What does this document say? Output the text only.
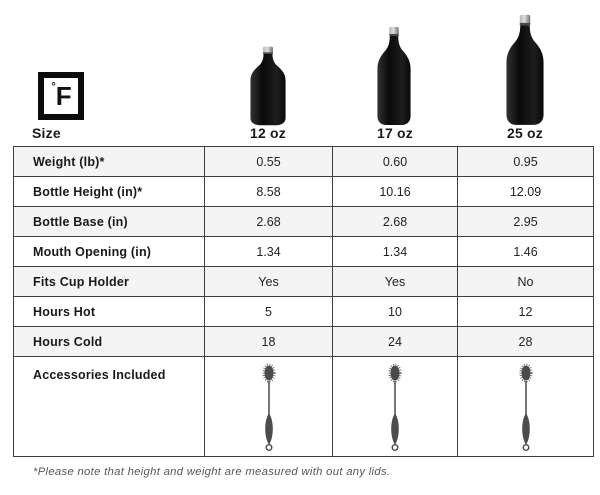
° F
Size	12 oz	17 oz	25 oz
Weight (lb)*	0.55	0.60	0.95
Bottle Height (in)*	8.58	10.16	12.09
Bottle Base (in)	2.68	2.68	2.95
Mouth Opening (in)	1.34	1.34	1.46
Fits Cup Holder	Yes	Yes	No
Hours Hot	5	10	12
Hours Cold	18	24	28
Accessories Included
*Please note that height and weight are measured with out any lids.
